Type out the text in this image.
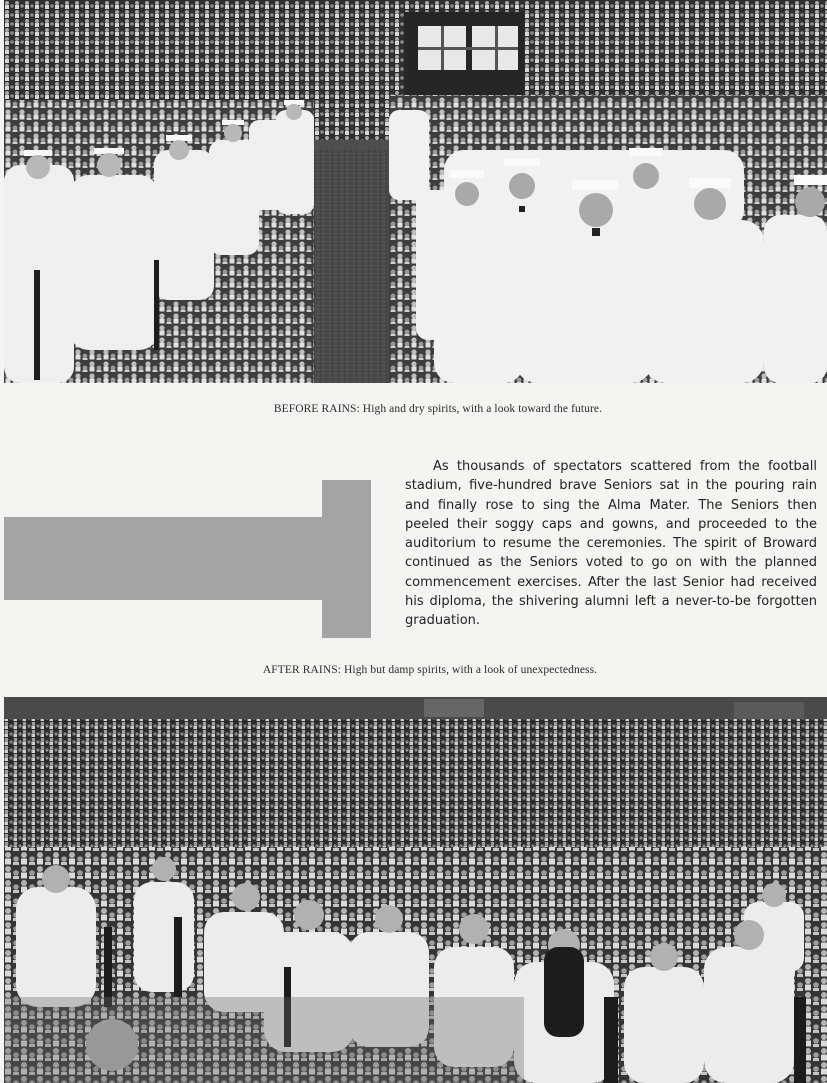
BEFORE RAINS: High and dry spirits, with a look toward the future.

As thousands of spectators scattered from the football stadium, five-hundred brave Seniors sat in the pouring rain and finally rose to sing the Alma Mater. The Seniors then peeled their soggy caps and gowns, and proceeded to the auditorium to resume the ceremonies. The spirit of Broward continued as the Seniors voted to go on with the planned commencement exercises. After the last Senior had received his diploma, the shivering alumni left a never-to-be forgotten graduation.

AFTER RAINS: High but damp spirits, with a look of unexpectedness.
